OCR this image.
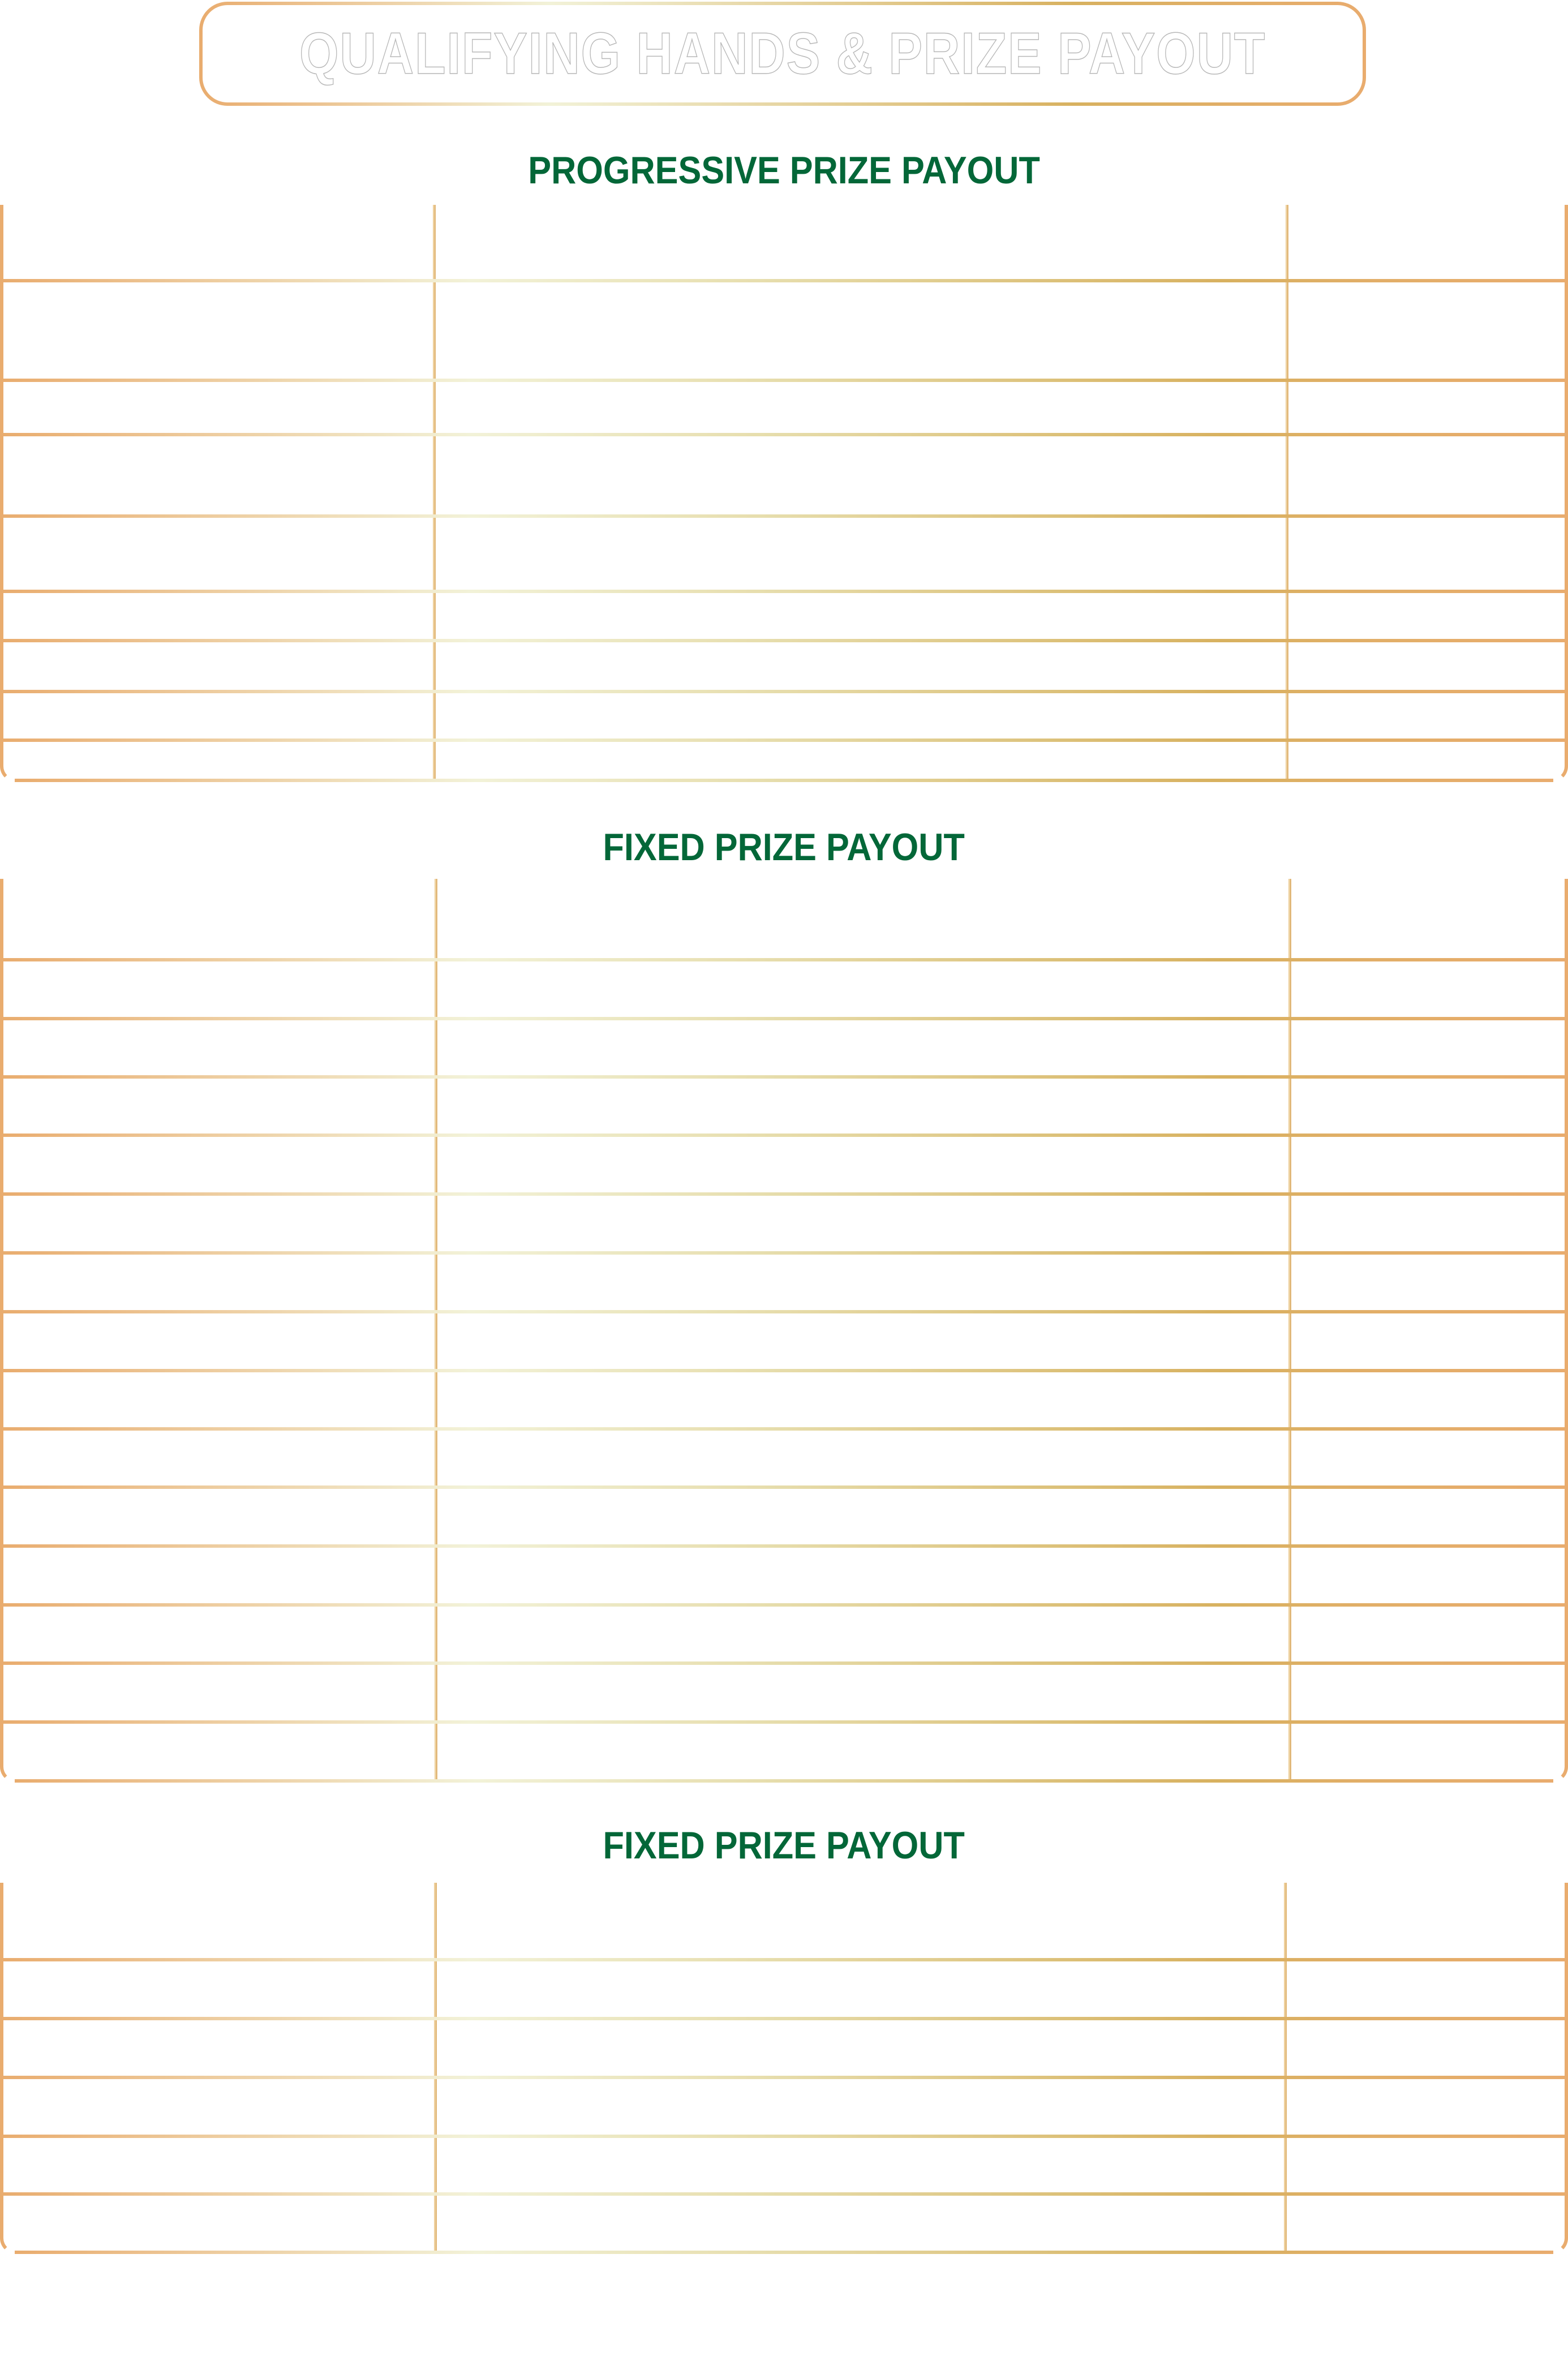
QUALIFYING HANDS & PRIZE PAYOUT
PROGRESSIVE PRIZE PAYOUT
FIXED PRIZE PAYOUT
FIXED PRIZE PAYOUT
